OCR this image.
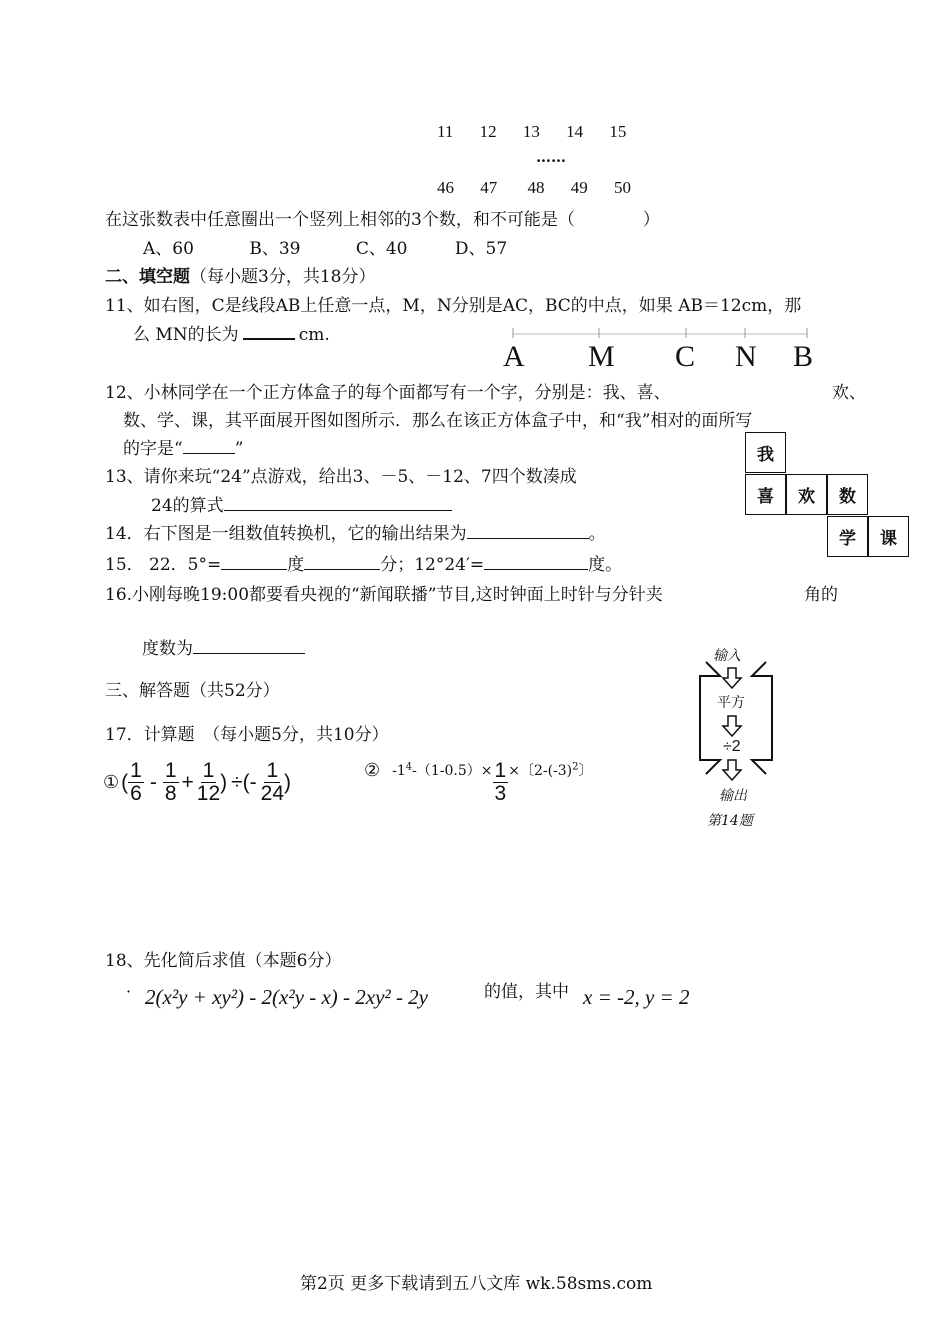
11 12 13 14 15
……
46 47 48 49 50
在这张数表中任意圈出一个竖列上相邻的3个数，和不可能是（　　　　）
A、60	B、39	C、40	D、57
二、填空题（每小题3分，共18分）
11、如右图，C是线段AB上任意一点，M，N分别是AC，BC的中点，如果 AB＝12cm，那
么 MN的长为	cm.
A M C N B
12、小林同学在一个正方体盒子的每个面都写有一个字，分别是：我、喜、	欢、
数、学、课，其平面展开图如图所示．那么在该正方体盒子中，和“我”相对的面所写
的字是“	”	我
喜	欢	数
学	课
13、请你来玩“24”点游戏，给出3、－5、－12、7四个数凑成
24的算式
14．右下图是一组数值转换机，它的输出结果为	。
15． 22．5°=	度	分；12°24′=	度。
16.小刚每晚19:00都要看央视的“新闻联播”节目,这时钟面上时针与分针夹	角的
度数为
三、解答题（共52分）
17．计算题　（每小题5分，共10分）
① ( $\frac{1}{6} - \frac{1}{8} + \frac{1}{12}$ ) ÷(- $\frac{1}{24}$ )
② $-1^4-(1-0.5)\times \frac{1}{3}$ ×〔$2-(-3)^2$〕
输入
平方
÷2
输出
第14题
18、先化简后求值（本题6分）
· 2(x²y + xy²) - 2(x²y - x) - 2xy² - 2y	的值，其中 x = -2, y = 2
第2页 更多下载请到五八文库 wk.58sms.com
